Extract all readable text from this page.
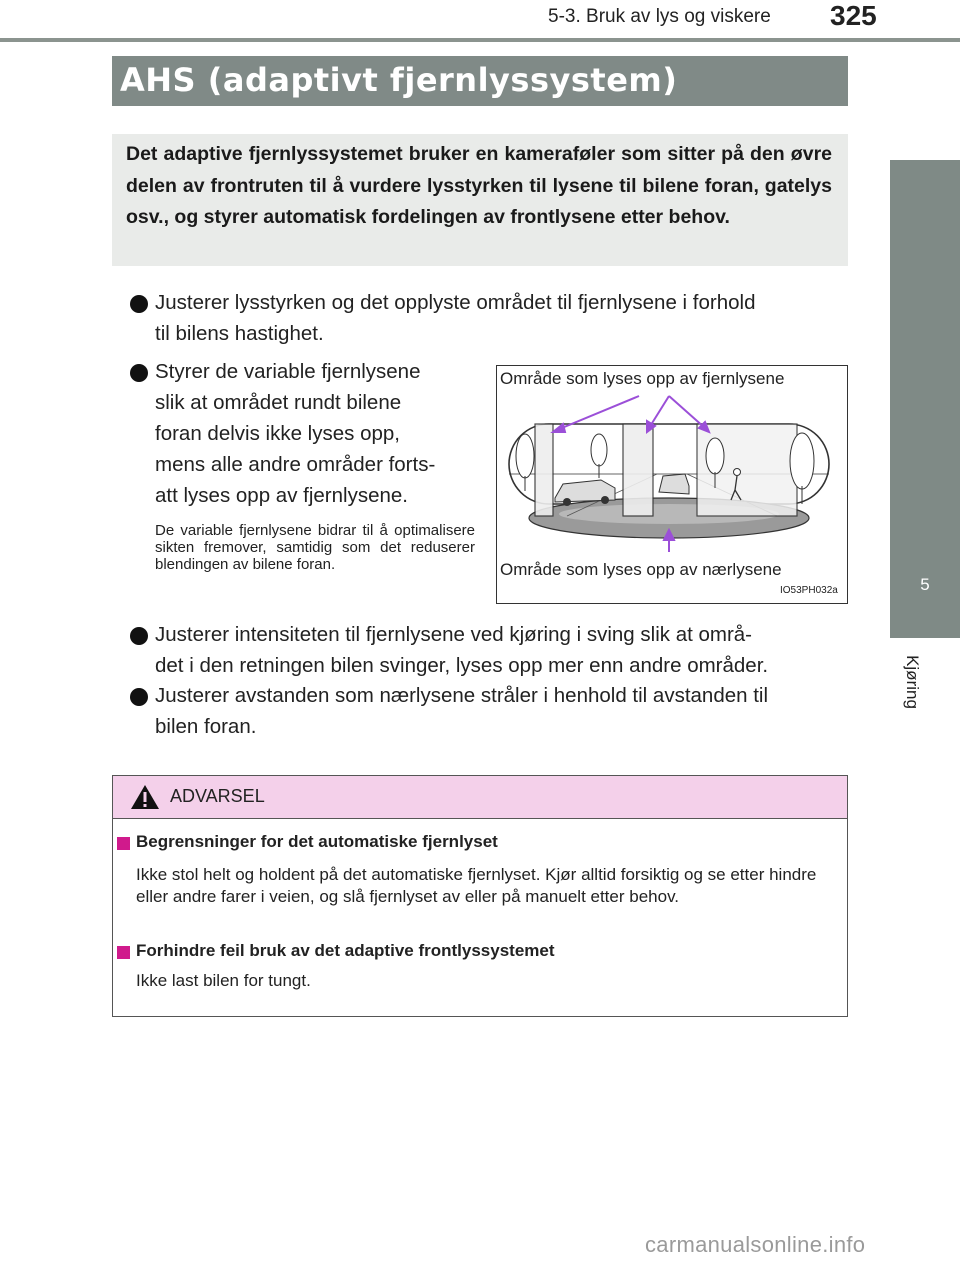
5-3. Bruk av lys og viskere 325
5
Kjøring
AHS (adaptivt fjernlyssystem)
Det adaptive fjernlyssystemet bruker en kameraføler som sitter på den øvre delen av frontruten til å vurdere lysstyrken til lysene til bilene foran, gatelys osv., og styrer automatisk fordelingen av frontlysene etter behov.
Justerer lysstyrken og det opplyste området til fjernlysene i forhold
til bilens hastighet.
Styrer de variable fjernlysene
slik at området rundt bilene
foran delvis ikke lyses opp,
mens alle andre områder forts-
att lyses opp av fjernlysene.
De variable fjernlysene bidrar til å optimalisere sikten fremover, samtidig som det reduserer blendingen av bilene foran.
Område som lyses opp av fjernlysene
Område som lyses opp av nærlysene
IO53PH032a
Justerer intensiteten til fjernlysene ved kjøring i sving slik at områ-
det i den retningen bilen svinger, lyses opp mer enn andre områder.
Justerer avstanden som nærlysene stråler i henhold til avstanden til
bilen foran.
ADVARSEL
Begrensninger for det automatiske fjernlyset
Ikke stol helt og holdent på det automatiske fjernlyset. Kjør alltid forsiktig og se etter hindre eller andre farer i veien, og slå fjernlyset av eller på manuelt etter behov.
Forhindre feil bruk av det adaptive frontlyssystemet
Ikke last bilen for tungt.
carmanualsonline.info
